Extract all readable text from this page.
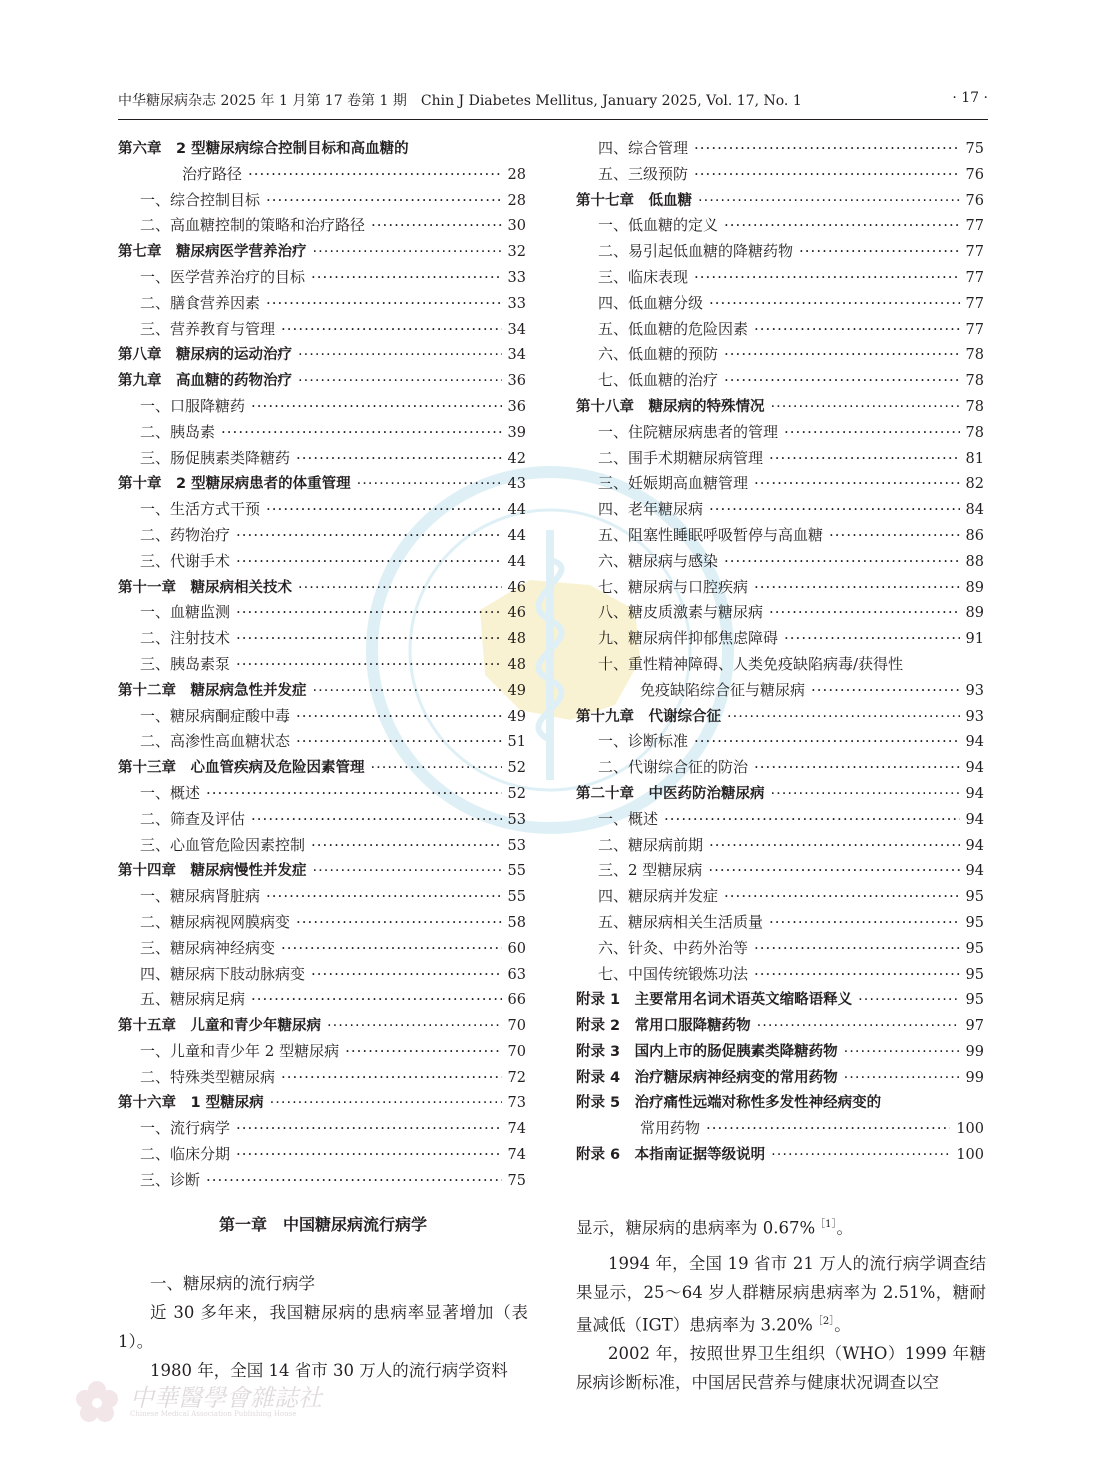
中华糖尿病杂志 2025 年 1 月第 17 卷第 1 期　Chin J Diabetes Mellitus, January 2025, Vol. 17, No. 1	· 17 ·
第六章　2 型糖尿病综合控制目标和高血糖的
治疗路径 ·····	28
一、综合控制目标 ·····	28
二、高血糖控制的策略和治疗路径 ·····	30
第七章　糖尿病医学营养治疗 ·····	32
一、医学营养治疗的目标 ·····	33
二、膳食营养因素 ·····	33
三、营养教育与管理 ·····	34
第八章　糖尿病的运动治疗 ·····	34
第九章　高血糖的药物治疗 ·····	36
一、口服降糖药 ·····	36
二、胰岛素 ·····	39
三、肠促胰素类降糖药 ·····	42
第十章　2 型糖尿病患者的体重管理 ·····	43
一、生活方式干预 ·····	44
二、药物治疗 ·····	44
三、代谢手术 ·····	44
第十一章　糖尿病相关技术 ·····	46
一、血糖监测 ·····	46
二、注射技术 ·····	48
三、胰岛素泵 ·····	48
第十二章　糖尿病急性并发症 ·····	49
一、糖尿病酮症酸中毒 ·····	49
二、高渗性高血糖状态 ·····	51
第十三章　心血管疾病及危险因素管理 ·····	52
一、概述 ·····	52
二、筛查及评估 ·····	53
三、心血管危险因素控制 ·····	53
第十四章　糖尿病慢性并发症 ·····	55
一、糖尿病肾脏病 ·····	55
二、糖尿病视网膜病变 ·····	58
三、糖尿病神经病变 ·····	60
四、糖尿病下肢动脉病变 ·····	63
五、糖尿病足病 ·····	66
第十五章　儿童和青少年糖尿病 ·····	70
一、儿童和青少年 2 型糖尿病 ·····	70
二、特殊类型糖尿病 ·····	72
第十六章　1 型糖尿病 ·····	73
一、流行病学 ·····	74
二、临床分期 ·····	74
三、诊断 ·····	75
四、综合管理 ·····	75
五、三级预防 ·····	76
第十七章　低血糖 ·····	76
一、低血糖的定义 ·····	77
二、易引起低血糖的降糖药物 ·····	77
三、临床表现 ·····	77
四、低血糖分级 ·····	77
五、低血糖的危险因素 ·····	77
六、低血糖的预防 ·····	78
七、低血糖的治疗 ·····	78
第十八章　糖尿病的特殊情况 ·····	78
一、住院糖尿病患者的管理 ·····	78
二、围手术期糖尿病管理 ·····	81
三、妊娠期高血糖管理 ·····	82
四、老年糖尿病 ·····	84
五、阻塞性睡眠呼吸暂停与高血糖 ·····	86
六、糖尿病与感染 ·····	88
七、糖尿病与口腔疾病 ·····	89
八、糖皮质激素与糖尿病 ·····	89
九、糖尿病伴抑郁焦虑障碍 ·····	91
十、重性精神障碍、人类免疫缺陷病毒/获得性
免疫缺陷综合征与糖尿病 ·····	93
第十九章　代谢综合征 ·····	93
一、诊断标准 ·····	94
二、代谢综合征的防治 ·····	94
第二十章　中医药防治糖尿病 ·····	94
一、概述 ·····	94
二、糖尿病前期 ·····	94
三、2 型糖尿病 ·····	94
四、糖尿病并发症 ·····	95
五、糖尿病相关生活质量 ·····	95
六、针灸、中药外治等 ·····	95
七、中国传统锻炼功法 ·····	95
附录 1　主要常用名词术语英文缩略语释义 ·····	95
附录 2　常用口服降糖药物 ·····	97
附录 3　国内上市的肠促胰素类降糖药物 ·····	99
附录 4　治疗糖尿病神经病变的常用药物 ·····	99
附录 5　治疗痛性远端对称性多发性神经病变的
常用药物 ·····	100
附录 6　本指南证据等级说明 ·····	100
第一章　中国糖尿病流行病学
一、糖尿病的流行病学
近 30 多年来，我国糖尿病的患病率显著增加（表 1）。
1980 年，全国 14 省市 30 万人的流行病学资料
显示，糖尿病的患病率为 0.67%$^{[1]}$。
1994 年，全国 19 省市 21 万人的流行病学调查结果显示，25～64 岁人群糖尿病患病率为 2.51%，糖耐量减低（IGT）患病率为 3.20%$^{[2]}$。
2002 年，按照世界卫生组织（WHO）1999 年糖尿病诊断标准，中国居民营养与健康状况调查以空
中華醫學會雜誌社
Chinese Medical Association Publishing House
